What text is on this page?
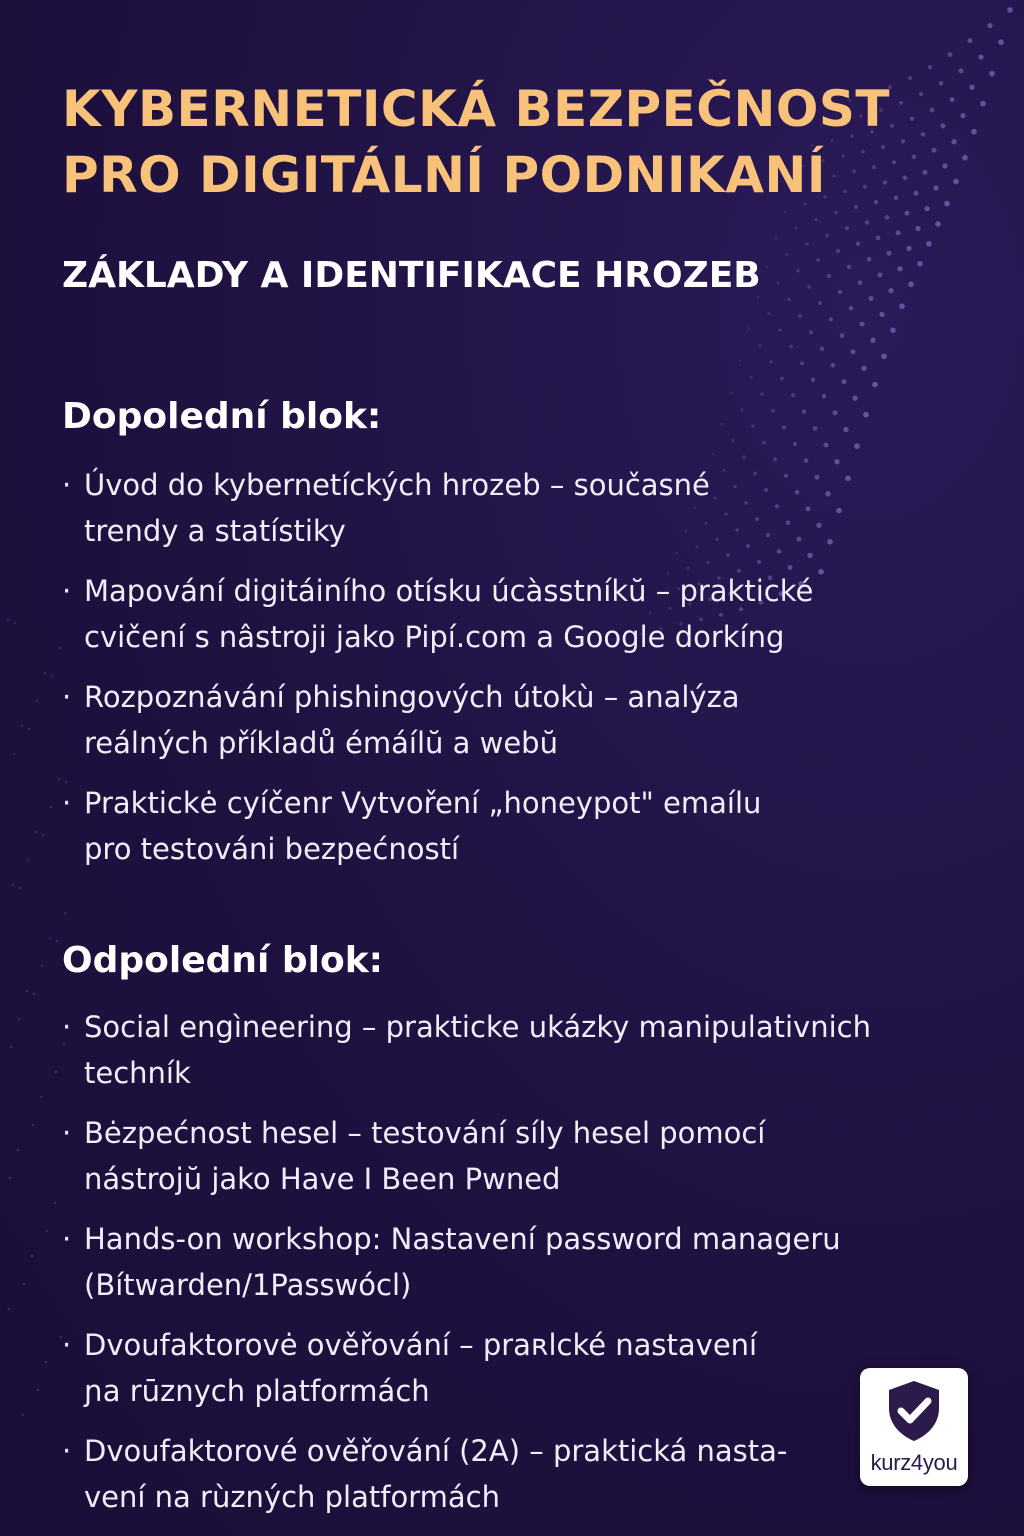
KYBERNETICKÁ BEZPEČNOST
PRO DIGITÁLNÍ PODNIKANÍ
ZÁKLADY A IDENTIFIKACE HROZEB
Dopolední blok:
· Úvod do kybernetíckých hrozeb – současné
trendy a statístiky
· Mapování digitáiního otísku úcàsstníkŭ – praktické
cvičení s nâstroji jako Pipí.com a Google dorkíng
· Rozpoznávání phishingových útokù – analýza
reálných příkladů émáílŭ a webŭ
· Praktickė cyíčenr Vytvoření „honeypot" emaílu
pro testováni bezpećností
Odpolední blok:
· Social engìneering – prakticke ukázky manipulativnich
techník
· Bėzpećnost hesel – testování síly hesel pomocí
nástrojŭ jako Have I Been Pwned
· Hands-on workshop: Nastavení password manageru
(Bítwarden/1Passwócl)
· Dvoufaktorovė ověřování – praʀlcké nastavení
ɲa rūznych platformách
· Dvoufaktorové ověřování (2A) – praktická nasta-
vení na rùzných platformách
kurz4you
